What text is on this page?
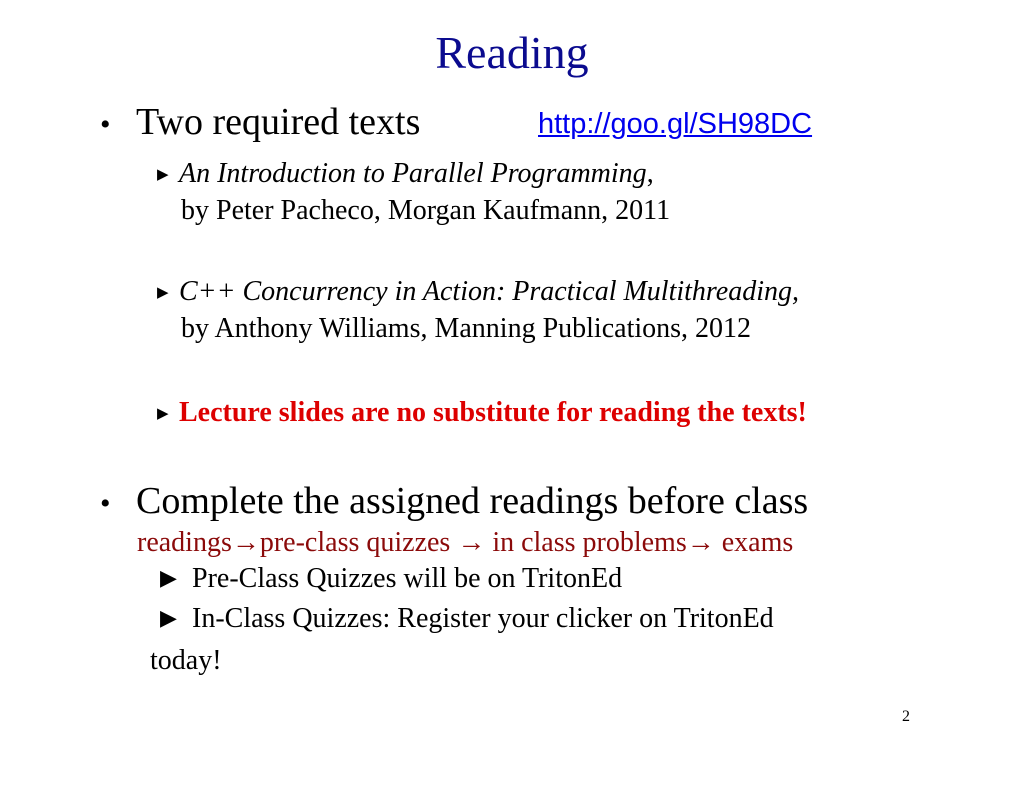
Reading
• Two required texts	http://goo.gl/SH98DC
▶ An Introduction to Parallel Programming,
by Peter Pacheco, Morgan Kaufmann, 2011
▶ C++ Concurrency in Action: Practical Multithreading,
by Anthony Williams, Manning Publications, 2012
▶ Lecture slides are no substitute for reading the texts!
• Complete the assigned readings before class
readings→pre-class quizzes → in class problems→ exams
▶ Pre-Class Quizzes will be on TritonEd
▶ In-Class Quizzes: Register your clicker on TritonEd
today!
2
